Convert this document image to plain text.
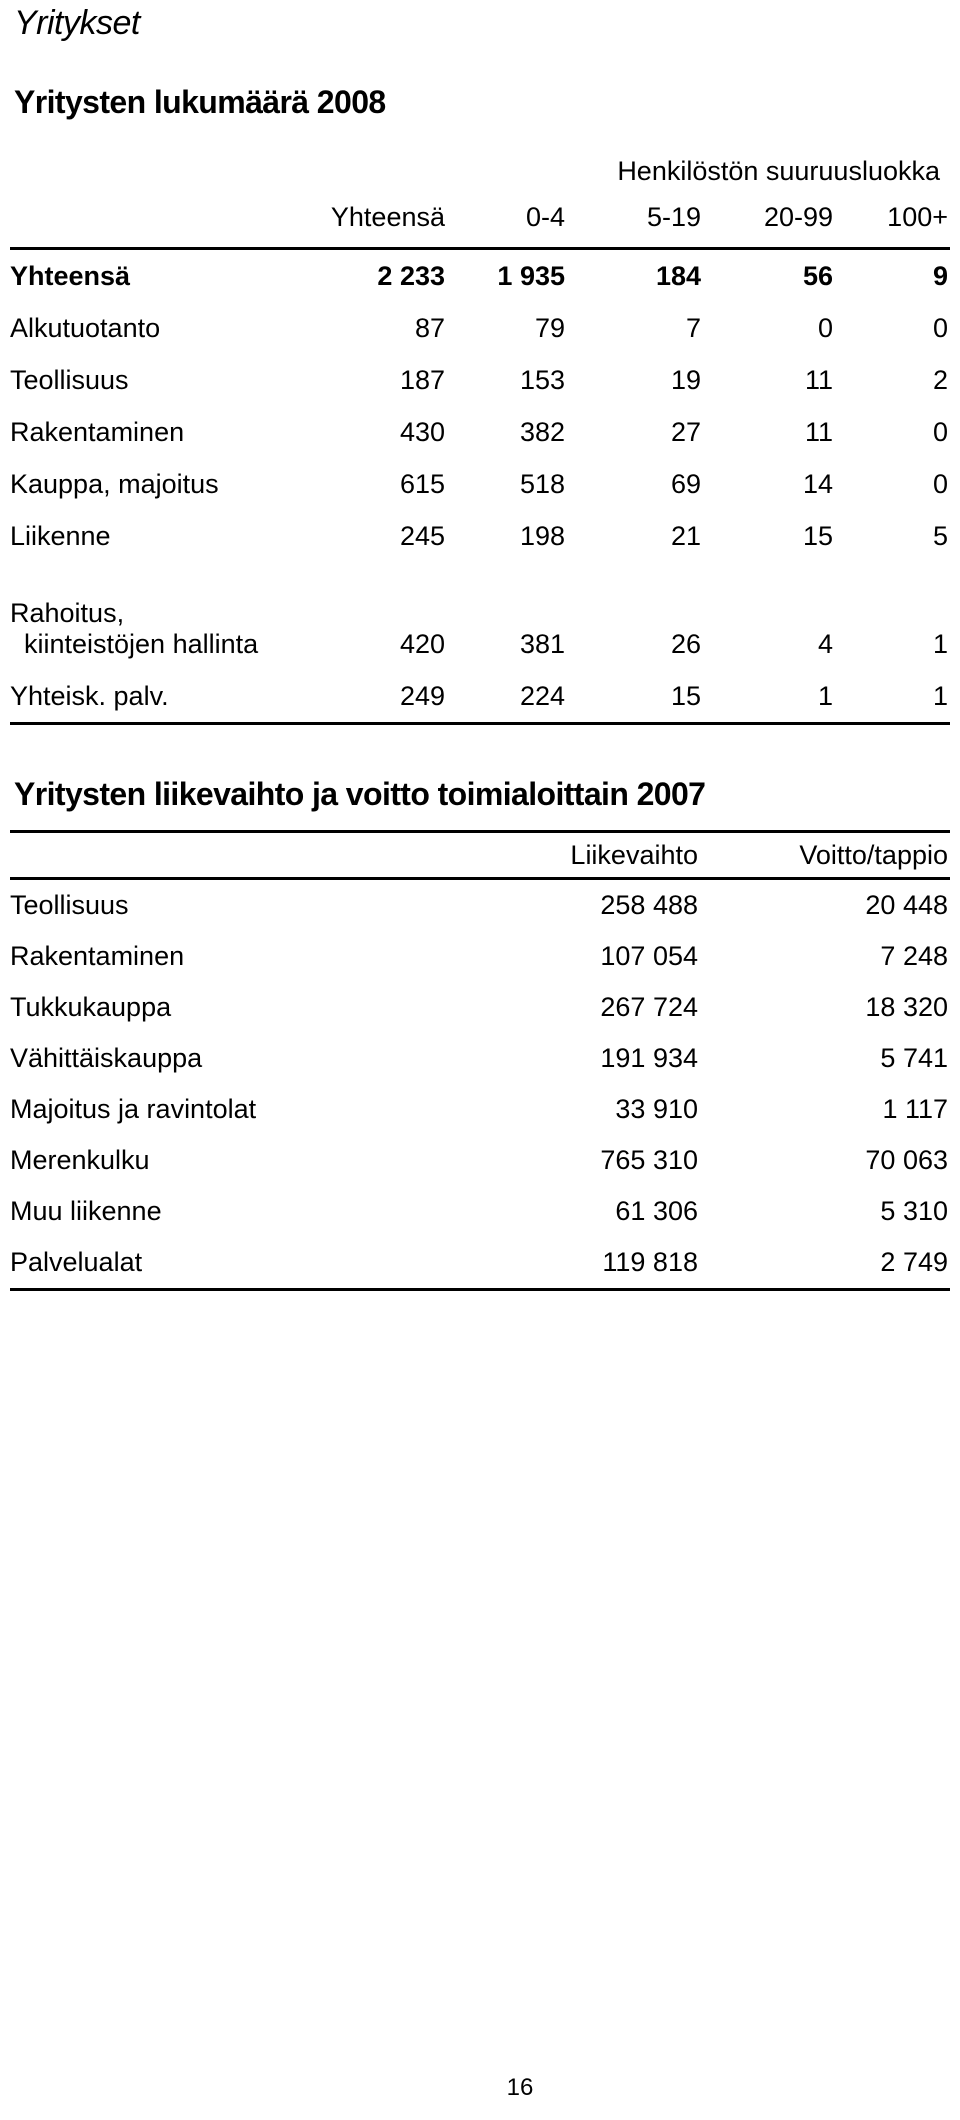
Yritykset
Yritysten lukumäärä 2008
		Henkilöstön suuruusluokka			
	Yhteensä	0-4	5-19	20-99	100+
Yhteensä	2 233	1 935	184	56	9
Alkutuotanto	87	79	7	0	0
Teollisuus	187	153	19	11	2
Rakentaminen	430	382	27	11	0
Kauppa, majoitus	615	518	69	14	0
Liikenne	245	198	21	15	5
Rahoitus,
kiinteistöjen hallinta	420	381	26	4	1
Yhteisk. palv.	249	224	15	1	1
Yritysten liikevaihto ja voitto toimialoittain 2007
	Liikevaihto	Voitto/tappio
Teollisuus	258 488	20 448
Rakentaminen	107 054	7 248
Tukkukauppa	267 724	18 320
Vähittäiskauppa	191 934	5 741
Majoitus ja ravintolat	33 910	1 117
Merenkulku	765 310	70 063
Muu liikenne	61 306	5 310
Palvelualat	119 818	2 749
16
